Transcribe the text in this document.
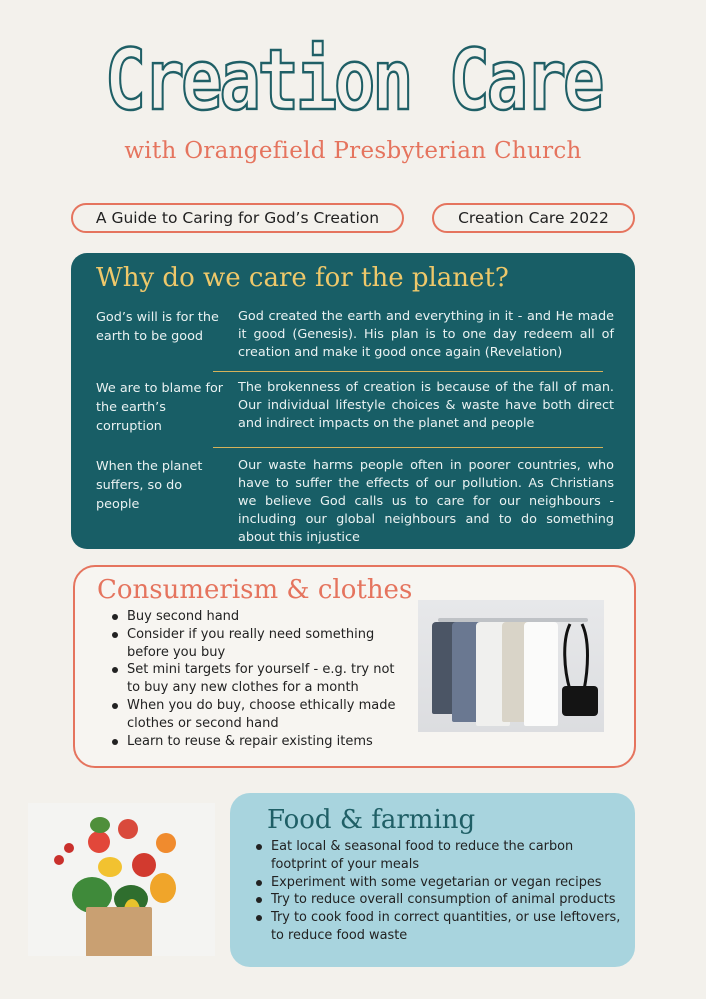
Creation Care
with Orangefield Presbyterian Church
A Guide to Caring for God’s Creation	Creation Care 2022
Why do we care for the planet?
God’s will is for the earth to be good
God created the earth and everything in it - and He made it good (Genesis). His plan is to one day redeem all of creation and make it good once again (Revelation)
We are to blame for the earth’s corruption
The brokenness of creation is because of the fall of man. Our individual lifestyle choices & waste have both direct and indirect impacts on the planet and people
When the planet suffers, so do people
Our waste harms people often in poorer countries, who have to suffer the effects of our pollution. As Christians we believe God calls us to care for our neighbours - including our global neighbours and to do something about this injustice
Consumerism & clothes
Buy second hand
Consider if you really need something before you buy
Set mini targets for yourself - e.g. try not to buy any new clothes for a month
When you do buy, choose ethically made clothes or second hand
Learn to reuse & repair existing items
Food & farming
Eat local & seasonal food to reduce the carbon footprint of your meals
Experiment with some vegetarian or vegan recipes
Try to reduce overall consumption of animal products
Try to cook food in correct quantities, or use leftovers, to reduce food waste
